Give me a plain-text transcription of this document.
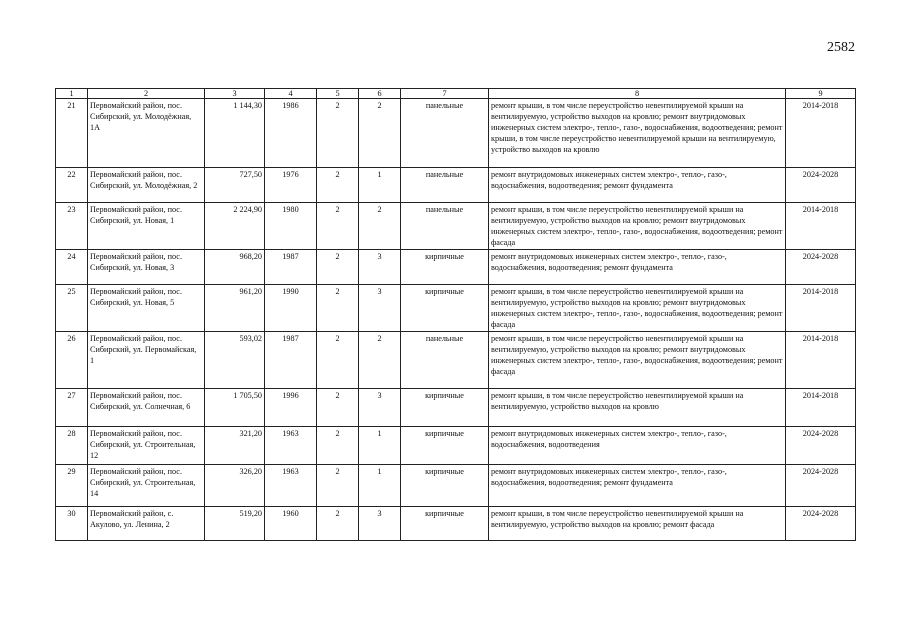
2582
1	2	3	4	5	6	7	8	9
21	Первомайский район, пос. Сибирский, ул. Молодёжная, 1А	1 144,30	1986	2	2	панельные	ремонт крыши, в том числе переустройство невентилируемой крыши на вентилируемую, устройство выходов на кровлю; ремонт внутридомовых инженерных систем электро-, тепло-, газо-, водоснабжения, водоотведения; ремонт крыши, в том числе переустройство невентилируемой крыши на вентилируемую, устройство выходов на кровлю	2014-2018
22	Первомайский район, пос. Сибирский, ул. Молодёжная, 2	727,50	1976	2	1	панельные	ремонт внутридомовых инженерных систем электро-, тепло-, газо-, водоснабжения, водоотведения; ремонт фундамента	2024-2028
23	Первомайский район, пос. Сибирский, ул. Новая, 1	2 224,90	1980	2	2	панельные	ремонт крыши, в том числе переустройство невентилируемой крыши на вентилируемую, устройство выходов на кровлю; ремонт внутридомовых инженерных систем электро-, тепло-, газо-, водоснабжения, водоотведения; ремонт фасада	2014-2018
24	Первомайский район, пос. Сибирский, ул. Новая, 3	968,20	1987	2	3	кирпичные	ремонт внутридомовых инженерных систем электро-, тепло-, газо-, водоснабжения, водоотведения; ремонт фундамента	2024-2028
25	Первомайский район, пос. Сибирский, ул. Новая, 5	961,20	1990	2	3	кирпичные	ремонт крыши, в том числе переустройство невентилируемой крыши на вентилируемую, устройство выходов на кровлю; ремонт внутридомовых инженерных систем электро-, тепло-, газо-, водоснабжения, водоотведения; ремонт фасада	2014-2018
26	Первомайский район, пос. Сибирский, ул. Первомайская, 1	593,02	1987	2	2	панельные	ремонт крыши, в том числе переустройство невентилируемой крыши на вентилируемую, устройство выходов на кровлю; ремонт внутридомовых инженерных систем электро-, тепло-, газо-, водоснабжения, водоотведения; ремонт фасада	2014-2018
27	Первомайский район, пос. Сибирский, ул. Солнечная, 6	1 705,50	1996	2	3	кирпичные	ремонт крыши, в том числе переустройство невентилируемой крыши на вентилируемую, устройство выходов на кровлю	2014-2018
28	Первомайский район, пос. Сибирский, ул. Строительная, 12	321,20	1963	2	1	кирпичные	ремонт внутридомовых инженерных систем электро-, тепло-, газо-, водоснабжения, водоотведения	2024-2028
29	Первомайский район, пос. Сибирский, ул. Строительная, 14	326,20	1963	2	1	кирпичные	ремонт внутридомовых инженерных систем электро-, тепло-, газо-, водоснабжения, водоотведения; ремонт фундамента	2024-2028
30	Первомайский район, с. Акулово, ул. Ленина, 2	519,20	1960	2	3	кирпичные	ремонт крыши, в том числе переустройство невентилируемой крыши на вентилируемую, устройство выходов на кровлю; ремонт фасада	2024-2028
